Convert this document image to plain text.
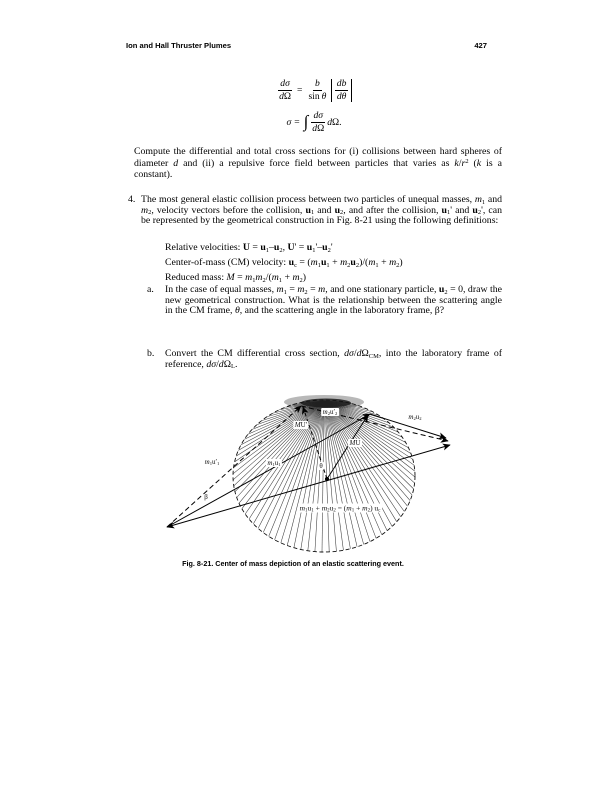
Ion and Hall Thruster Plumes	427
$\frac{d\sigma}{d\Omega} = \frac{b}{\text{sin θ}} \frac{db}{d\theta}$
σ = ∫ $\frac{d\sigma}{d\Omega} d\Omega$.

Compute the differential and total cross sections for (i) collisions between hard spheres of diameter d and (ii) a repulsive force field between particles that varies as $k/r^2$ (k is a constant).

4. The most general elastic collision process between two particles of unequal masses, $m_1$ and $m_2$, velocity vectors before the collision, $u_1$ and $u_2$, and after the collision, $u_1'$ and $u_2'$, can be represented by the geometrical construction in Fig. 8-21 using the following definitions:
Relative velocities: $U = u_1-u_2$, $U' = u_1'-u_2'$
Center-of-mass (CM) velocity: $u_c = (m_1u_1 + m_2u_2)/(m_1 + m_2)$
Reduced mass: $M = m_1m_2/(m_1 + m_2)$
a. In the case of equal masses, $m_1 = m_2 = m$, and one stationary particle, $u_2 = 0$, draw the new geometrical construction. What is the relationship between the scattering angle in the CM frame, θ, and the scattering angle in the laboratory frame, β?
b. Convert the CM differential cross section, $d\sigma/d\Omega_{CM}$, into the laboratory frame of reference, $d\sigma/d\Omega_L$.
$m_1u'_1$
β
$m_1u_1$
MU′
MU
θ
$m_2u'_2$	$m_2u_2$
$m_1u_1 + m_2u_2 = (m_1 + m_2)$ $u_c$
Fig. 8-21. Center of mass depiction of an elastic scattering event.
